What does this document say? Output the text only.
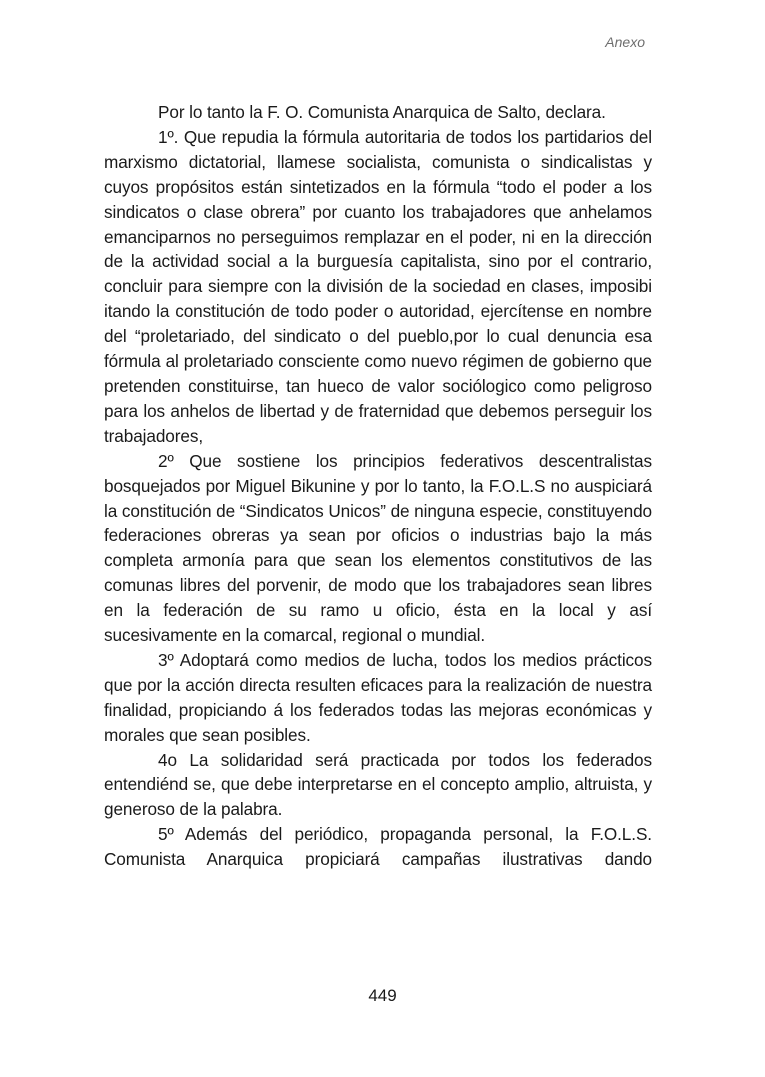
Anexo

Por lo tanto la F. O. Comunista Anarquica de Salto, declara.

1º. Que repudia la fórmula autoritaria de todos los partidarios del marxismo dictatorial, llamese socialista, comunista o sindicalistas y cuyos propósitos están sintetizados en la fórmula “todo el poder a los sindicatos o clase obrera” por cuanto los trabajadores que anhelamos emanciparnos no perseguimos remplazar en el poder, ni en la dirección de la actividad social a la burguesía capitalista, sino por el contrario, concluir para siempre con la división de la sociedad en clases, imposibi itando la constitución de todo poder o autoridad, ejercítense en nombre del “proletariado, del sindicato o del pueblo,por lo cual denuncia esa fórmula al proletariado consciente como nuevo régimen de gobierno que pretenden constituirse, tan hueco de valor sociólogico como peligroso para los anhelos de libertad y de fraternidad que debemos perseguir los trabajadores,

2º Que sostiene los principios federativos descentralistas bosquejados por Miguel Bikunine y por lo tanto, la F.O.L.S no auspiciará la constitución de “Sindicatos Unicos” de ninguna especie, constituyendo federaciones obreras ya sean por oficios o industrias bajo la más completa armonía para que sean los elementos constitutivos de las comunas libres del porvenir, de modo que los trabajadores sean libres en la federación de su ramo u oficio, ésta en la local y así sucesivamente en la comarcal, regional o mundial.

3º Adoptará como medios de lucha, todos los medios prácticos que por la acción directa resulten eficaces para la realización de nuestra finalidad, propiciando á los federados todas las mejoras económicas y morales que sean posibles.

4o La solidaridad será practicada por todos los federados entendiénd se, que debe interpretarse en el concepto amplio, altruista, y generoso de la palabra.

5º Además del periódico, propaganda personal, la F.O.L.S. Comunista Anarquica propiciará campañas ilustrativas dando

449
